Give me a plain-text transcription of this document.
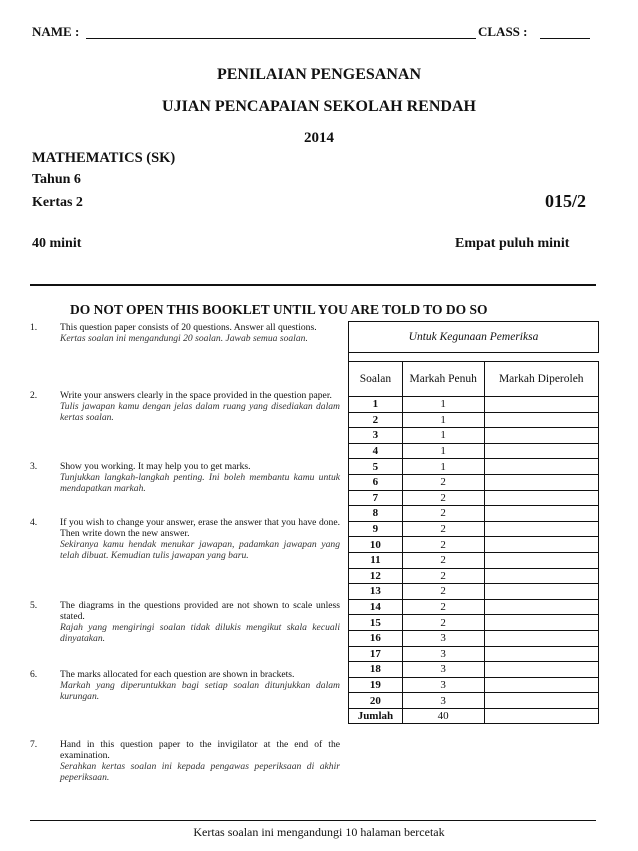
NAME :	CLASS :
PENILAIAN PENGESANAN
UJIAN PENCAPAIAN SEKOLAH RENDAH
2014
MATHEMATICS (SK)
Tahun 6
Kertas 2	015/2
40 minit	Empat puluh minit
DO NOT OPEN THIS BOOKLET UNTIL YOU ARE TOLD TO DO SO
1. This question paper consists of 20 questions. Answer all questions.
Kertas soalan ini mengandungi 20 soalan. Jawab semua soalan.
2. Write your answers clearly in the space provided in the question paper.
Tulis jawapan kamu dengan jelas dalam ruang yang disediakan dalam kertas soalan.
3. Show you working. It may help you to get marks.
Tunjukkan langkah-langkah penting. Ini boleh membantu kamu untuk mendapatkan markah.
4. If you wish to change your answer, erase the answer that you have done. Then write down the new answer.
Sekiranya kamu hendak menukar jawapan, padamkan jawapan yang telah dibuat. Kemudian tulis jawapan yang baru.
5. The diagrams in the questions provided are not shown to scale unless stated.
Rajah yang mengiringi soalan tidak dilukis mengikut skala kecuali dinyatakan.
6. The marks allocated for each question are shown in brackets.
Markah yang diperuntukkan bagi setiap soalan ditunjukkan dalam kurungan.
7. Hand in this question paper to the invigilator at the end of the examination.
Serahkan kertas soalan ini kepada pengawas peperiksaan di akhir peperiksaan.
Untuk Kegunaan Pemeriksa		

Soalan	Markah Penuh	Markah Diperoleh
1	1	
2	1	
3	1	
4	1	
5	1	
6	2	
7	2	
8	2	
9	2	
10	2	
11	2	
12	2	
13	2	
14	2	
15	2	
16	3	
17	3	
18	3	
19	3	
20	3	
Jumlah	40	
Kertas soalan ini mengandungi 10 halaman bercetak
